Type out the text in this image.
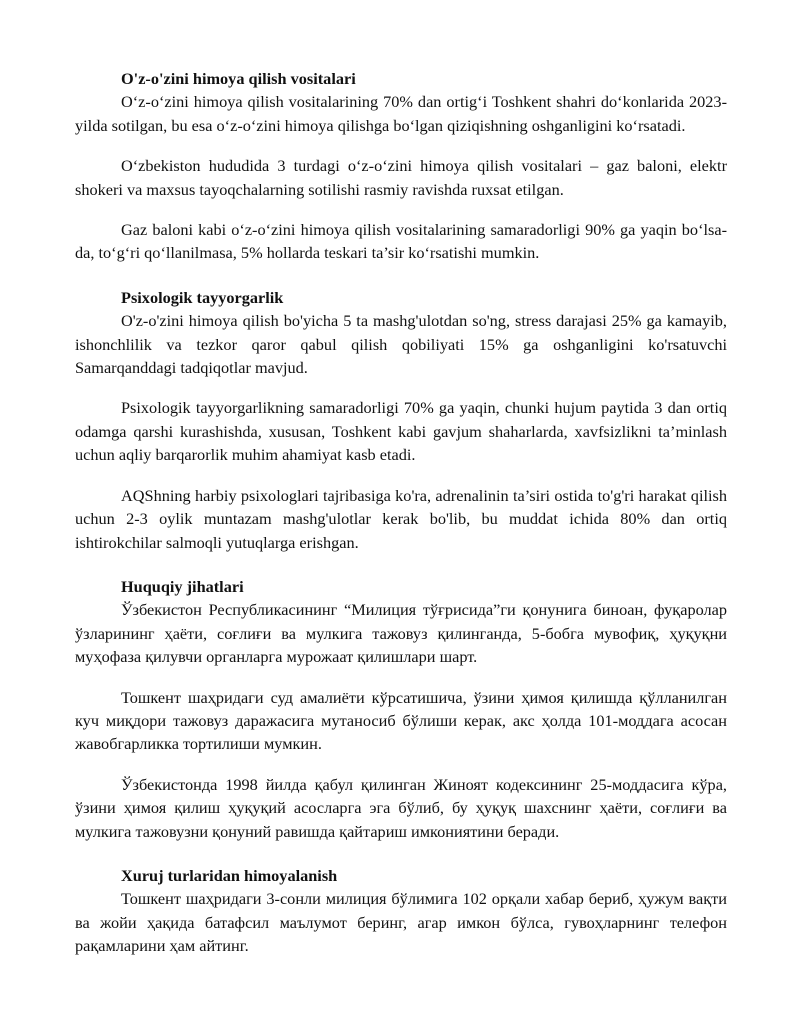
O'z-o'zini himoya qilish vositalari

O‘z-o‘zini himoya qilish vositalarining 70% dan ortig‘i Toshkent shahri do‘konlarida 2023-yilda sotilgan, bu esa o‘z-o‘zini himoya qilishga bo‘lgan qiziqishning oshganligini ko‘rsatadi.

O‘zbekiston hududida 3 turdagi o‘z-o‘zini himoya qilish vositalari – gaz baloni, elektr shokeri va maxsus tayoqchalarning sotilishi rasmiy ravishda ruxsat etilgan.

Gaz baloni kabi o‘z-o‘zini himoya qilish vositalarining samaradorligi 90% ga yaqin bo‘lsa-da, to‘g‘ri qo‘llanilmasa, 5% hollarda teskari ta’sir ko‘rsatishi mumkin.

Psixologik tayyorgarlik

O'z-o'zini himoya qilish bo'yicha 5 ta mashg'ulotdan so'ng, stress darajasi 25% ga kamayib, ishonchlilik va tezkor qaror qabul qilish qobiliyati 15% ga oshganligini ko'rsatuvchi Samarqanddagi tadqiqotlar mavjud.

Psixologik tayyorgarlikning samaradorligi 70% ga yaqin, chunki hujum paytida 3 dan ortiq odamga qarshi kurashishda, xususan, Toshkent kabi gavjum shaharlarda, xavfsizlikni ta’minlash uchun aqliy barqarorlik muhim ahamiyat kasb etadi.

AQShning harbiy psixologlari tajribasiga ko'ra, adrenalinin ta’siri ostida to'g'ri harakat qilish uchun 2-3 oylik muntazam mashg'ulotlar kerak bo'lib, bu muddat ichida 80% dan ortiq ishtirokchilar salmoqli yutuqlarga erishgan.

Huquqiy jihatlari

Ўзбекистон Республикасининг “Милиция тўғрисида”ги қонунига биноан, фуқаролар ўзларининг ҳаёти, соғлиғи ва мулкига тажовуз қилинганда, 5-бобга мувофиқ, ҳуқуқни муҳофаза қилувчи органларга мурожаат қилишлари шарт.

Тошкент шаҳридаги суд амалиёти кўрсатишича, ўзини ҳимоя қилишда қўлланилган куч миқдори тажовуз даражасига мутаносиб бўлиши керак, акс ҳолда 101-моддага асосан жавобгарликка тортилиши мумкин.

Ўзбекистонда 1998 йилда қабул қилинган Жиноят кодексининг 25-моддасига кўра, ўзини ҳимоя қилиш ҳуқуқий асосларга эга бўлиб, бу ҳуқуқ шахснинг ҳаёти, соғлиғи ва мулкига тажовузни қонуний равишда қайтариш имкониятини беради.

Xuruj turlaridan himoyalanish

Тошкент шаҳридаги 3-сонли милиция бўлимига 102 орқали хабар бериб, ҳужум вақти ва жойи ҳақида батафсил маълумот беринг, агар имкон бўлса, гувоҳларнинг телефон рақамларини ҳам айтинг.
